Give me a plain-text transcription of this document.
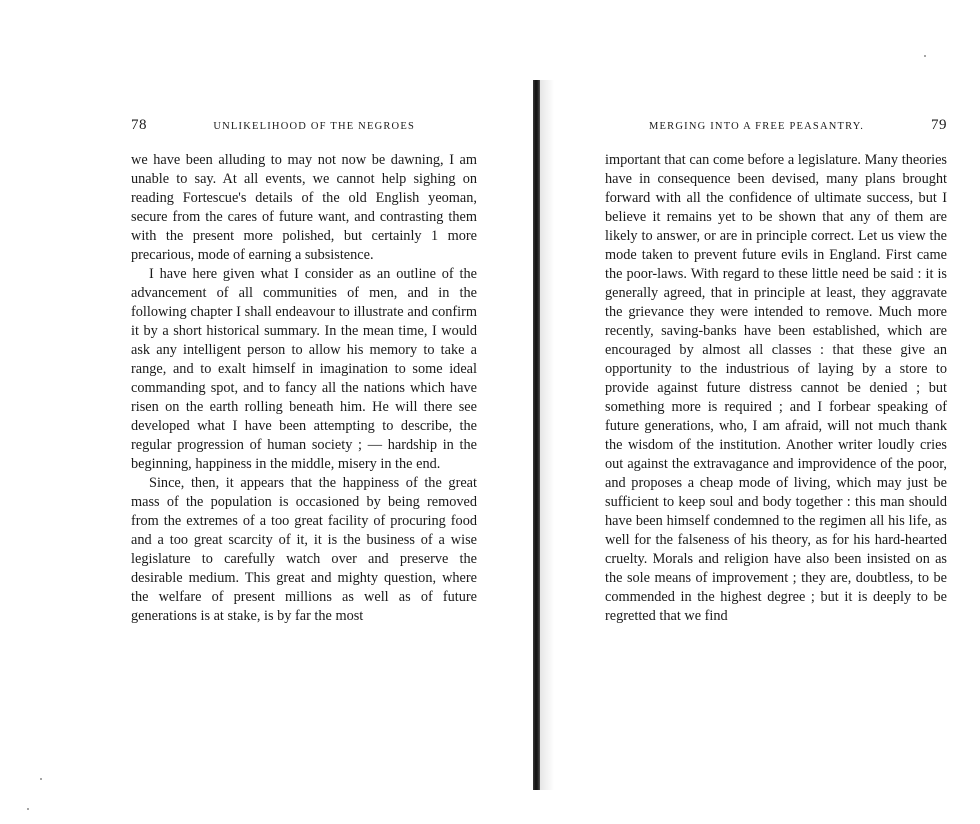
78	UNLIKELIHOOD OF THE NEGROES

we have been alluding to may not now be dawning, I am unable to say. At all events, we cannot help sighing on reading Fortescue's details of the old English yeoman, secure from the cares of future want, and contrasting them with the present more polished, but certainly 1 more precarious, mode of earning a subsistence.

I have here given what I consider as an outline of the advancement of all communities of men, and in the following chapter I shall endeavour to illustrate and confirm it by a short historical summary. In the mean time, I would ask any intelligent person to allow his memory to take a range, and to exalt himself in imagination to some ideal commanding spot, and to fancy all the nations which have risen on the earth rolling beneath him. He will there see developed what I have been attempting to describe, the regular progression of human society ; — hardship in the beginning, happiness in the middle, misery in the end.

Since, then, it appears that the happiness of the great mass of the population is occasioned by being removed from the extremes of a too great facility of procuring food and a too great scarcity of it, it is the business of a wise legislature to carefully watch over and preserve the desirable medium. This great and mighty question, where the welfare of present millions as well as of future generations is at stake, is by far the most

MERGING INTO A FREE PEASANTRY.	79

important that can come before a legislature. Many theories have in consequence been devised, many plans brought forward with all the confidence of ultimate success, but I believe it remains yet to be shown that any of them are likely to answer, or are in principle correct. Let us view the mode taken to prevent future evils in England. First came the poor-laws. With regard to these little need be said : it is generally agreed, that in principle at least, they aggravate the grievance they were intended to remove. Much more recently, saving-banks have been established, which are encouraged by almost all classes : that these give an opportunity to the industrious of laying by a store to provide against future distress cannot be denied ; but something more is required ; and I forbear speaking of future generations, who, I am afraid, will not much thank the wisdom of the institution. Another writer loudly cries out against the extravagance and improvidence of the poor, and proposes a cheap mode of living, which may just be sufficient to keep soul and body together : this man should have been himself condemned to the regimen all his life, as well for the falseness of his theory, as for his hard-hearted cruelty. Morals and religion have also been insisted on as the sole means of improvement ; they are, doubtless, to be commended in the highest degree ; but it is deeply to be regretted that we find
